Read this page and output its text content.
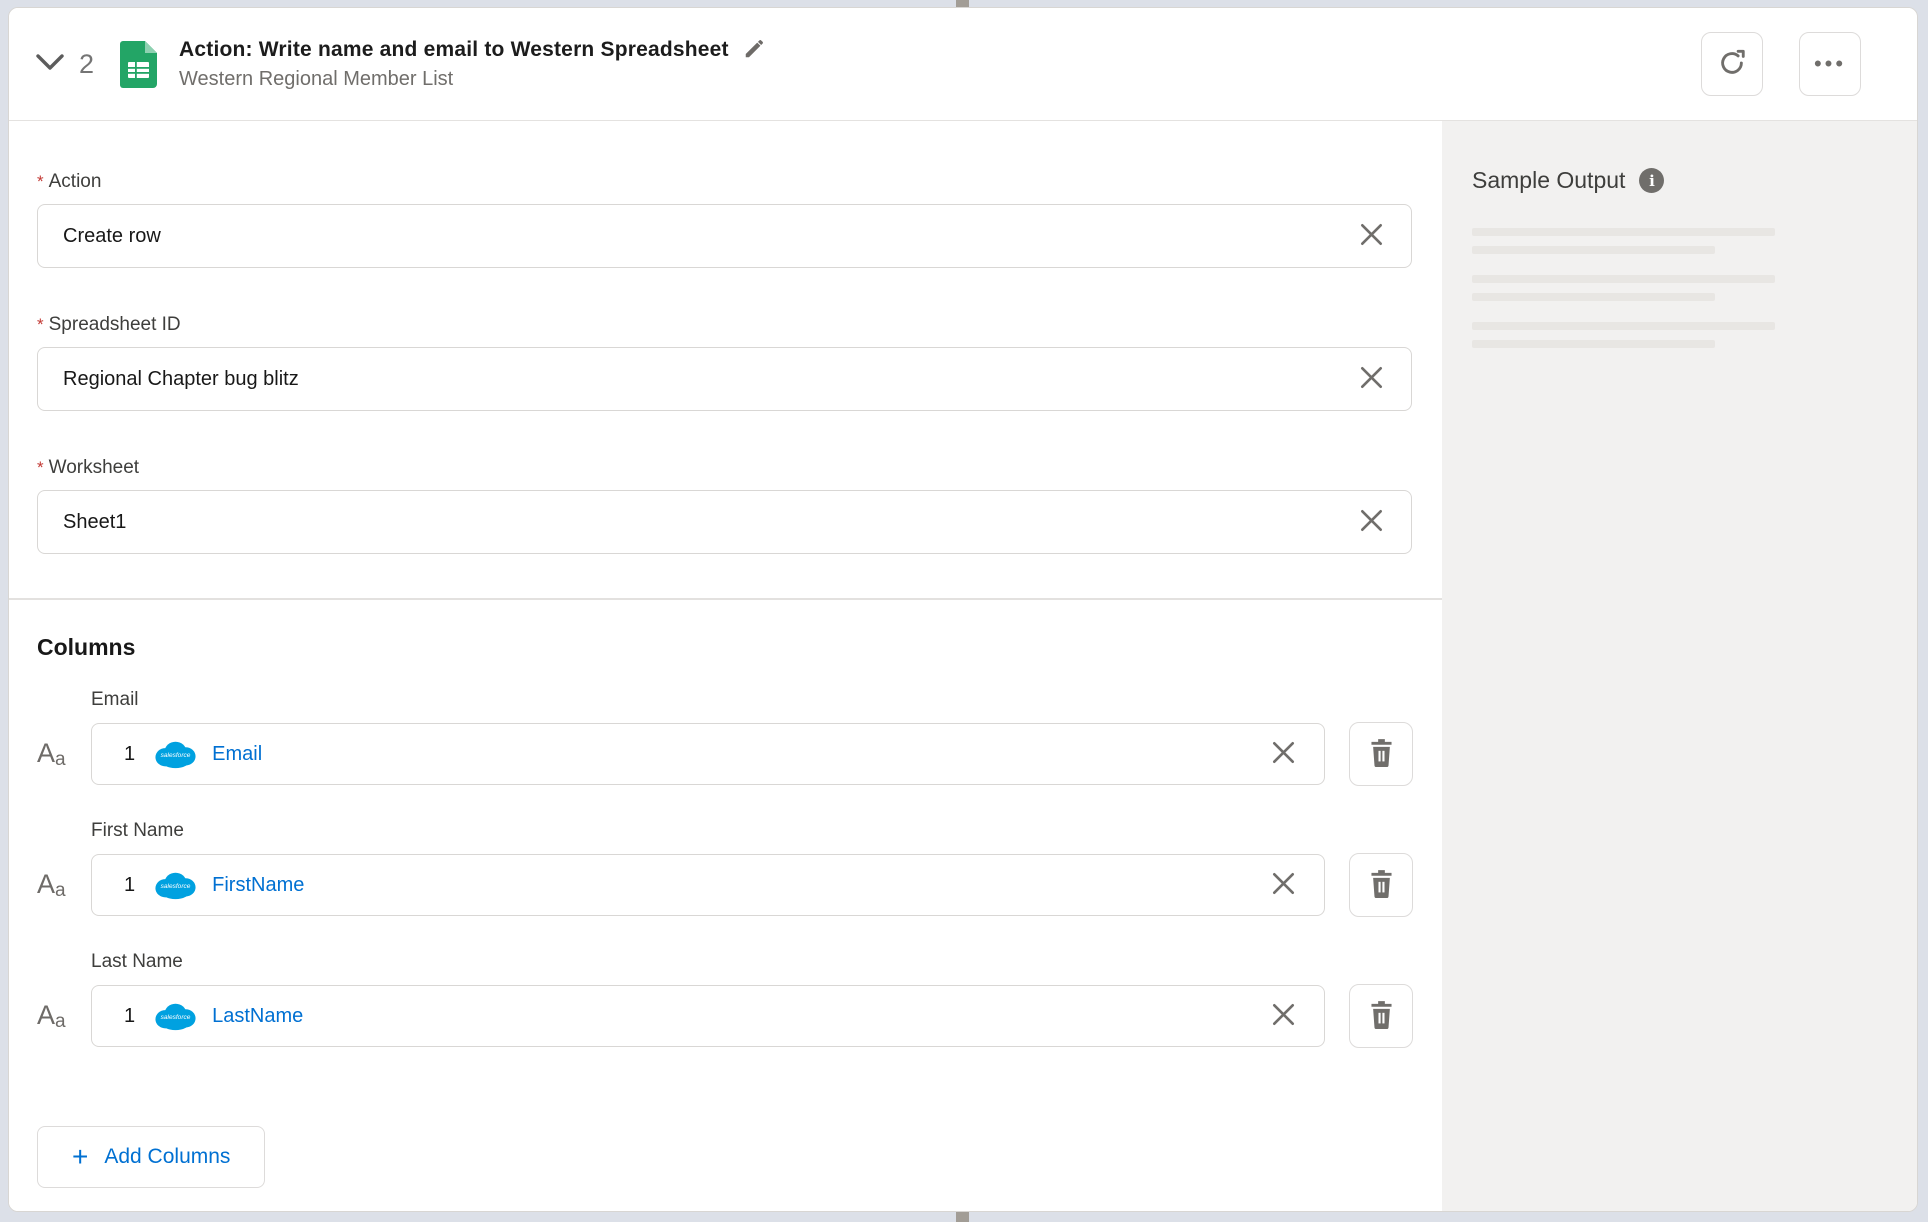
2	Action: Write name and email to Western Spreadsheet
Western Regional Member List
•••
* Action
Create row
* Spreadsheet ID
Regional Chapter bug blitz
* Worksheet
Sheet1
Columns
Email
A a	1	salesforce Email
First Name
A a	1	salesforce FirstName
Last Name
A a	1	salesforce LastName
+ Add Columns
Sample Output	i
